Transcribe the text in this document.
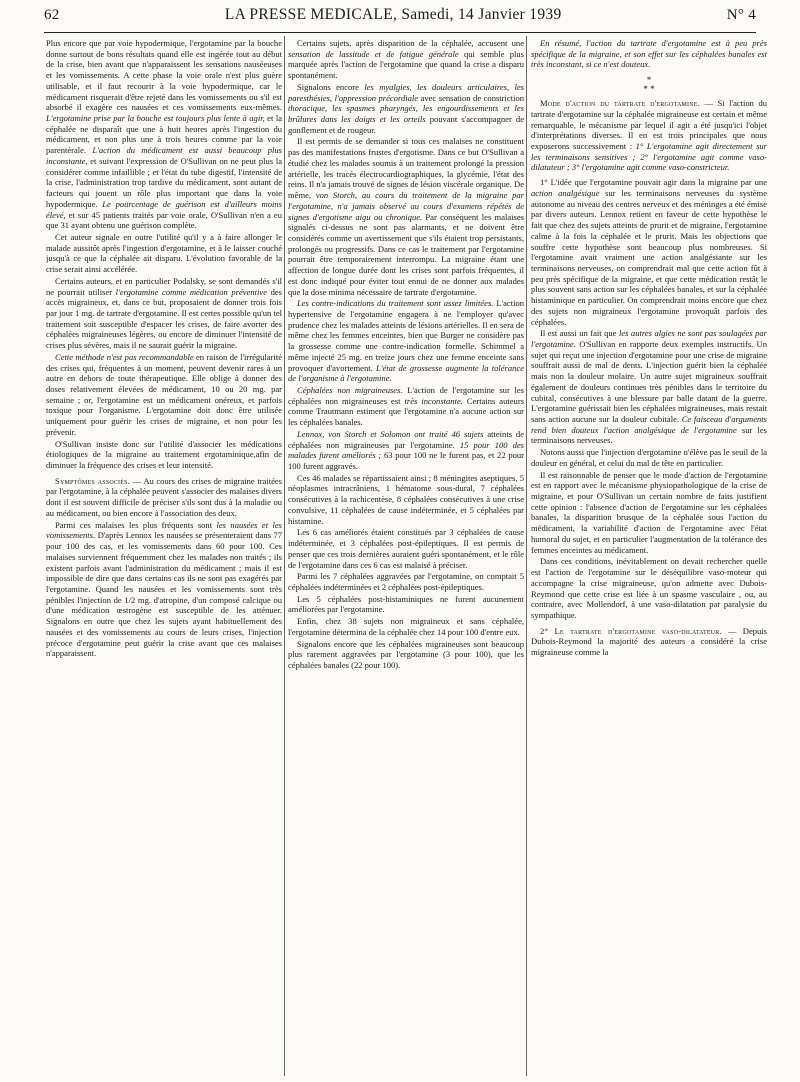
62	LA PRESSE MEDICALE, Samedi, 14 Janvier 1939	N° 4

Plus encore que par voie hypodermique, l'ergotamine par la bouche donne surtout de bons résultats quand elle est ingérée tout au début de la crise, bien avant que n'apparaissent les sensations nauséeuses et les vomissements. A cette phase la voie orale n'est plus guère utilisable, et il faut recourir à la voie hypodermique, car le médicament risquerait d'être rejeté dans les vomissements ou s'il est absorbé il exagère ces nausées et ces vomissements eux-mêmes. L'ergotamine prise par la bouche est toujours plus lente à agir, et la céphalée ne disparaît que une à huit heures après l'ingestion du médicament, et non plus une à trois heures comme par la voie parentérale. L'action du médicament est aussi beaucoup plus inconstante, et suivant l'expression de O'Sullivan on ne peut plus la considérer comme infaillible ; et l'état du tube digestif, l'intensité de la crise, l'administration trop tardive du médicament, sont autant de facteurs qui jouent un rôle plus important que dans la voie hypodermique. Le pourcentage de guérison est d'ailleurs moins élevé, et sur 45 patients traités par voie orale, O'Sullivan n'en a eu que 31 ayant obtenu une guérison complète.

Cet auteur signale en outre l'utilité qu'il y a à faire allonger le malade aussitôt après l'ingestion d'ergotamine, et à le laisser couché jusqu'à ce que la céphalée ait disparu. L'évolution favorable de la crise serait ainsi accélérée.

Certains auteurs, et en particulier Podalsky, se sont demandés s'il ne pourrait utiliser l'ergotamine comme médication préventive des accès migraineux, et, dans ce but, proposaient de donner trois fois par jour 1 mg. de tartrate d'ergotamine. Il est certes possible qu'un tel traitement soit susceptible d'espacer les crises, de faire avorter des céphalées migraineuses légères, ou encore de diminuer l'intensité de crises plus sévères, mais il ne saurait guérir la migraine.

Cette méthode n'est pas recommandable en raison de l'irrégularité des crises qui, fréquentes à un moment, peuvent devenir rares à un autre en dehors de toute thérapeutique. Elle oblige à donner des doses relativement élevées de médicament, 10 ou 20 mg. par semaine ; or, l'ergotamine est un médicament onéreux, et parfois toxique pour l'organisme. L'ergotamine doit donc être utilisée uniquement pour guérir les crises de migraine, et non pour les prévenir.

O'Sullivan insiste donc sur l'utilité d'associer les médications étiologiques de la migraine au traitement ergotaminique,afin de diminuer la fréquence des crises et leur intensité.

Symptômes associés. — Au cours des crises de migraine traitées par l'ergotamine, à la céphalée peuvent s'associer des malaises divers dont il est souvent difficile de préciser s'ils sont dus à la maladie ou au médicament, ou bien encore à l'association des deux.

Parmi ces malaises les plus fréquents sont les nausées et les vomissements. D'après Lennox les nausées se présenteraient dans 77 pour 100 des cas, et les vomissements dans 60 pour 100. Ces malaises surviennent fréquemment chez les malades non traités ; ils existent parfois avant l'administration du médicament ; mais il est impossible de dire que dans certains cas ils ne sont pas exagérés par l'ergotamine. Quand les nausées et les vomissements sont très pénibles l'injection de 1/2 mg. d'atropine, d'un composé calcique ou d'une médication œstrogène est susceptible de les atténuer. Signalons en outre que chez les sujets ayant habituellement des nausées et des vomissements au cours de leurs crises, l'injection précoce d'ergotamine peut guérir la crise avant que ces malaises n'apparaissent.

Certains sujets, après disparition de la céphalée, accusent une sensation de lassitude et de fatigue générale qui semble plus marquée après l'action de l'ergotamine que quand la crise a disparu spontanément.

Signalons encore les myalgies, les douleurs articulaires, les paresthésies, l'oppression précordiale avec sensation de constriction thoracique, les spasmes pharyngés, les engourdissements et les brûlures dans les doigts et les orteils pouvant s'accompagner de gonflement et de rougeur.

Il est permis de se demander si tous ces malaises ne constituent pas des manifestations frustes d'ergotisme. Dans ce but O'Sullivan a étudié chez les malades soumis à un traitement prolongé la pression artérielle, les tracés électrocardiographiques, la glycémie, l'état des reins. Il n'a jamais trouvé de signes de lésion viscérale organique. De même, von Storch, au cours du traitement de la migraine par l'ergotamine, n'a jamais observé au cours d'examens répétés de signes d'ergotisme aigu ou chronique. Par conséquent les malaises signalés ci-dessus ne sont pas alarmants, et ne doivent être considérés comme un avertissement que s'ils étaient trop persistants, prolongés ou progressifs. Dans ce cas le traitement par l'ergotamine pourrait être temporairement interrompu. La migraine étant une affection de longue durée dont les crises sont parfois fréquentes, il est donc indiqué pour éviter tout ennui de ne donner aux malades que la dose minima nécessaire de tartrate d'ergotamine.

Les contre-indications du traitement sont assez limitées. L'action hypertensive de l'ergotamine engagera à ne l'employer qu'avec prudence chez les malades atteints de lésions artérielles. Il en sera de même chez les femmes enceintes, bien que Burger ne considère pas la grossesse comme une contre-indication formelle. Schimmel a même injecté 25 mg. en treize jours chez une femme enceinte sans provoquer d'avortement. L'état de grossesse augmente la tolérance de l'organisme à l'ergotamine.

Céphalées non migraineuses. L'action de l'ergotamine sur les céphalées non migraineuses est très inconstante. Certains auteurs comme Trautmann estiment que l'ergotamine n'a aucune action sur les céphalées banales.

Lennox, von Storch et Solomon ont traité 46 sujets atteints de céphalées non migraineuses par l'ergotamine. 15 pour 100 des malades furent améliorés ; 63 pour 100 ne le furent pas, et 22 pour 100 furent aggravés.

Ces 46 malades se répartissaient ainsi ; 8 méningites aseptiques, 5 néoplasmes intracrâniens, 1 hématome sous-dural, 7 céphalées consécutives à la rachicentèse, 8 céphalées consécutives à une crise convulsive, 11 céphalées de cause indéterminée, et 5 céphalées par histamine.

Les 6 cas améliorés étaient constitués par 3 céphalées de cause indéterminée, et 3 céphalées post-épileptiques. Il est permis de penser que ces trois dernières auraient guéri spontanément, et le rôle de l'ergotamine dans ces 6 cas est malaisé à préciser.

Parmi les 7 céphalées aggravées par l'ergotamine, on comptait 5 céphalées indéterminées et 2 céphalées post-épileptiques.

Les 5 céphalées post-histaminiques ne furent aucunement améliorées par l'ergotamine.

Enfin, chez 38 sujets non migraineux et sans céphalée, l'ergotamine détermina de la céphalée chez 14 pour 100 d'entre eux.

Signalons encore que les céphalées migraineuses sont beaucoup plus rarement aggravées par l'ergotamine (3 pour 100), que les céphalées banales (22 pour 100).

En résumé, l'action du tartrate d'ergotamine est à peu près spécifique de la migraine, et son effet sur les céphalées banales est très inconstant, si ce n'est douteux.

*
* *

Mode d'action du tartrate d'ergotamine. — Si l'action du tartrate d'ergotamine sur la céphalée migraineuse est certain et même remarquable, le mécanisme par lequel il agit a été jusqu'ici l'objet d'interprétations diverses. Il en est trois principales que nous exposerons successivement : 1° L'ergotamine agit directement sur les terminaisons sensitives ; 2° l'ergotamine agit comme vaso-dilatateur ; 3° l'ergotamine agit comme vaso-constricteur.

1° L'idée que l'ergotamine pouvait agir dans la migraine par une action analgésique sur les terminaisons nerveuses du système autonome au niveau des centres nerveux et des méninges a été émise par divers auteurs. Lennox retient en faveur de cette hypothèse le fait que chez des sujets atteints de prurit et de migraine, l'ergotamine calme à la fois la céphalée et le prurit. Mais les objections que souffre cette hypothèse sont beaucoup plus nombreuses. Si l'ergotamine avait vraiment une action analgésiante sur les terminaisons nerveuses, on comprendrait mal que cette action fût à peu près spécifique de la migraine, et que cette médication restât le plus souvent sans action sur les céphalées banales, et sur la céphalée histaminique en particulier. On comprendrait moins encore que chez des sujets non migraineux l'ergotamine provoquât parfois des céphalées.

Il est aussi un fait que les autres algies ne sont pas soulagées par l'ergotamine. O'Sullivan en rapporte deux exemples instructifs. Un sujet qui reçut une injection d'ergotamine pour une crise de migraine souffrait aussi de mal de dents. L'injection guérit bien la céphalée mais non la douleur molaire. Un autre sujet migraineux souffrait également de douleurs continues très pénibles dans le territoire du cubital, consécutives à une blessure par balle datant de la guerre. L'ergotamine guérissait bien les céphalées migraineuses, mais restait sans action aucune sur la douleur cubitale. Ce faisceau d'arguments rend bien douteux l'action analgésique de l'ergotamine sur les terminaisons nerveuses.

Notons aussi que l'injection d'ergotamine n'élève pas le seuil de la douleur en général, et celui du mal de tête en particulier.

Il est raisonnable de penser que le mode d'action de l'ergotamine est en rapport avec le mécanisme physiopathologique de la crise de migraine, et pour O'Sullivan un certain nombre de faits justifient cette opinion : l'absence d'action de l'ergotamine sur les céphalées banales, la disparition brusque de la céphalée sous l'action du médicament, la variabilité d'action de l'ergotamine avec l'état humoral du sujet, et en particulier l'augmentation de la tolérance des femmes enceintes au médicament.

Dans ces conditions, inévitablement on devait rechercher quelle est l'action de l'ergotamine sur le déséquilibre vaso-moteur qui accompagne la crise migraineuse, qu'on admette avec Dubois-Reymond que cette crise est liée à un spasme vasculaire , ou, au contraire, avec Mollendorf, à une vaso-dilatation par paralysie du sympathique.

2° Le tartrate d'ergotamine vaso-dilatateur. — Depuis Dubois-Reymond la majorité des auteurs a considéré la crise migraineuse comme la
